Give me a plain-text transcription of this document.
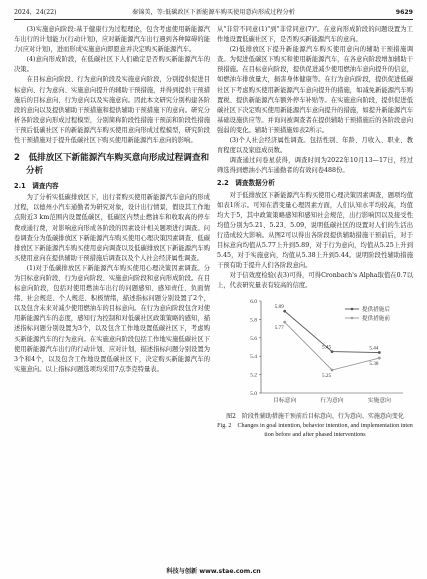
2024，24(22)	秦锦美，等:低碳政区下新能源车购买使用意向形成过程分析	9629

(3)实施意向阶段:基于健康行为过程理论，包含考虑使用新能源汽车出行的计划能力(行动计划)，应对新能源汽车出行遇到各种障碍的能力(应对计划)，进而形成实施意向即愿意并决定购买新能源汽车。

(4)意向形成阶段，在低碳社区下人们确定是否购买新能源汽车的决策。

在目标意向阶段、行为意向阶段及实施意向阶段，分别提供促进目标意向、行为意向、实施意向提升的辅助干预措施，并得到提供干预措施后的目标意向、行为意向以及实施意向。因此本文研究分别构建各阶段的意向以及提供辅助干预措施和提供辅助干预措施下的意向。研究分析各阶段意向形成过程模型，分别简称阶段性措施干预前和阶段性措施干预后低碳社区下的新能源汽车购买使用意向形成过程模型，研究阶段性干预措施对于提升低碳社区下购买使用新能源汽车意向的影响。

2　低排放区下新能源汽车购买意向形成过程调查和分析
2.1　调查内容

为了分析实低碳排放区下，出行者购买使用新能源汽车意向的形成过程，以德州小汽车通勤者为研究对象，设计出行情景，假设其工作地点附近3 km范围内设置低碳区，低碳区内禁止燃油车和收取高的停车费或通行费，对影响意向形成各阶段的因素设计相关题项进行调查。问卷调查分为低碳排放区下新能源汽车购买使用心理决策因素调查、低碳排放区下新能源汽车购买使用意向调查以及低碳排放区下新能源汽车购买使用意向在提供辅助干预措施后调查以及个人社会经济属性调查。

(1)对于低碳排放区下新能源汽车购买使用心理决策因素调查。分为目标意向阶段、行为意向阶段、实施意向阶段和意向形成阶段。在目标意向阶段，包括对使用燃油车出行的问题感知、感知责任、负面情绪、社会规范、个人规范、积极情绪，描述指标问题分别设置了2个，以及包含未来对减少使用燃油车的目标意向。在行为意向阶段包含对使用新能源汽车的态度，感知行为控制和对低碳社区政策策略的感知，描述指标问题分别设置为3个，以及包含工作地设置低碳社区下，考虑购买新能源汽车的行为意向。在实施意向阶段包括工作地实施低碳社区下使用新能源汽车出行的行动计划、应对计划，描述指标问题分别设置为3个和4个，以及包含工作地设置低碳社区下，决定购买新能源汽车的实施意向。以上指标问题选项均采用7点李克特量表。

从"非常不同意(1)"到"非常同意(7)"。在意向形成阶段的问题设置为工作地设置低碳社区下，是否购买新能源汽车的意向。

(2)低排放区下提升新能源汽车购买使用意向的辅助干预措施调查。为促进低碳区下购买和使用新能源汽车，在各意向阶段增加辅助干预措施。在目标意向阶段，提供促进减少使用燃油车意向提升的信息，如燃油车排放量大，损害身体健康等。在行为意向阶段，提供促进低碳社区下考虑购买使用新能源汽车意向提升的措施，如减免新能源汽车购置税、提供新能源汽车额外停车补贴等。在实施意向阶段，提供促进低碳社区下决定购买使用新能源汽车意向提升的措施，如提升新能源汽车基础设施供应等。并询问被调查者在提供辅助干预措施后的各阶段意向强弱的变化。辅助干预措施如表2所示。

(3)个人社会经济属性调查。包括性别、年龄、月收入、职业、教育程度以及家庭成员数。

调查通过问卷星获得，调查时间为2022年10月13—17日，经过筛选得到燃油小汽车通勤者的有效问卷488份。

2.2　调查数据分析

对于低排放区下新能源汽车购买使用心理决策因素调查，题项均值如表1所示。可知在潜变量心理因素方面，人们认知水平均较高，均值均大于5，其中政策策略感知和感知社会规范，出行影响因以及接受性均值分别为5.21、5.23、5.09，说明低碳社区的设置对人们的生活出行造成较大影响。从图2可以得出各阶段提供辅助措施干预前后，对于目标意向均值从5.77上升到5.89，对于行为意向，均值从5.25上升到5.45，对于实施意向，均值从5.38上升到5.44。说明阶段性辅助措施干预有助于提升人们各阶段意向。

对于信效度检验(表3)可得，可得Cronbach's Alpha取值在0.7以上，代表研究量表有较高的信度。

5.0
5.2
5.4
5.6
5.8
6.0
目标意向	行为意向	实施意向
5.89
5.45	5.44
5.77
5.25
5.38
提供措施后
提供措施前

图2　阶段性辅助措施干预前后目标意向、行为意向、实施意向变化

Fig. 2　Changes in goal intention, behavior intention, and implementation intention before and after phased interventions

科技与创新 www.stae.com.cn
